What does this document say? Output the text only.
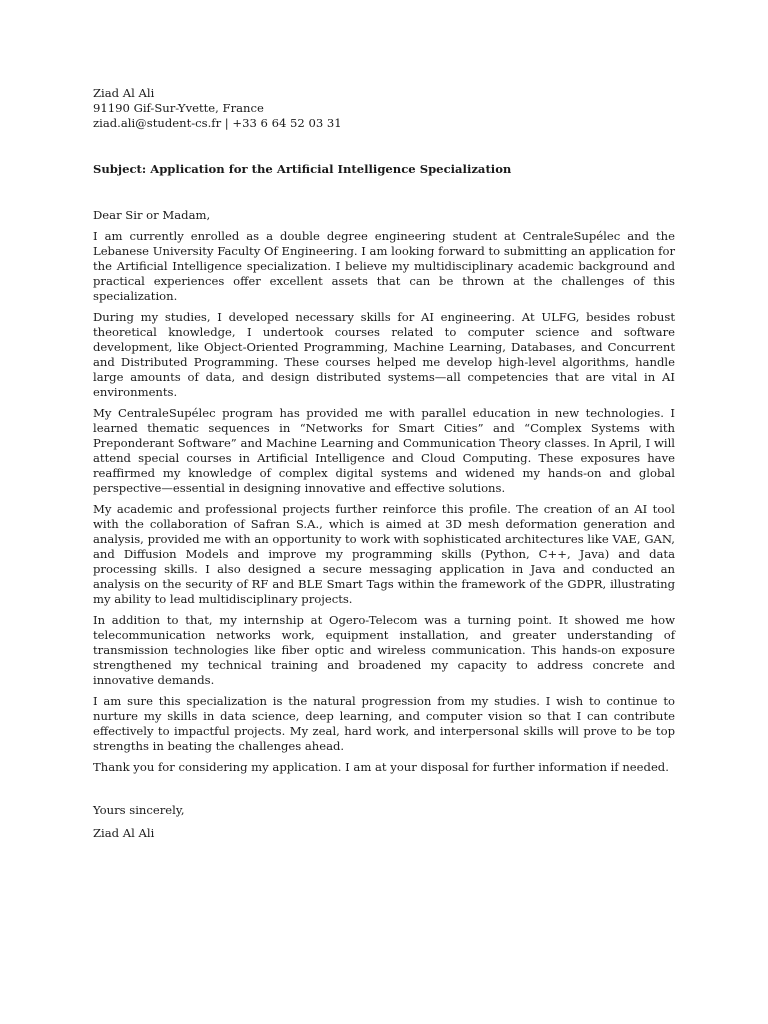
Ziad Al Ali
91190 Gif-Sur-Yvette, France
ziad.ali@student-cs.fr | +33 6 64 52 03 31
Subject: Application for the Artificial Intelligence Specialization
Dear Sir or Madam,

I am currently enrolled as a double degree engineering student at CentraleSupélec and the Lebanese University Faculty Of Engineering. I am looking forward to submitting an application for the Artificial Intelligence specialization. I believe my multidisciplinary academic background and practical experiences offer excellent assets that can be thrown at the challenges of this specialization.

During my studies, I developed necessary skills for AI engineering. At ULFG, besides robust theoretical knowledge, I undertook courses related to computer science and software development, like Object-Oriented Programming, Machine Learning, Databases, and Concurrent and Distributed Programming. These courses helped me develop high-level algorithms, handle large amounts of data, and design distributed systems—all competencies that are vital in AI environments.

My CentraleSupélec program has provided me with parallel education in new technologies. I learned thematic sequences in “Networks for Smart Cities” and “Complex Systems with Preponderant Software” and Machine Learning and Communication Theory classes. In April, I will attend special courses in Artificial Intelligence and Cloud Computing. These exposures have reaffirmed my knowledge of complex digital systems and widened my hands-on and global perspective—essential in designing innovative and effective solutions.

My academic and professional projects further reinforce this profile. The creation of an AI tool with the collaboration of Safran S.A., which is aimed at 3D mesh deformation generation and analysis, provided me with an opportunity to work with sophisticated architectures like VAE, GAN, and Diffusion Models and improve my programming skills (Python, C++, Java) and data processing skills. I also designed a secure messaging application in Java and conducted an analysis on the security of RF and BLE Smart Tags within the framework of the GDPR, illustrating my ability to lead multidisciplinary projects.

In addition to that, my internship at Ogero-Telecom was a turning point. It showed me how telecommunication networks work, equipment installation, and greater understanding of transmission technologies like fiber optic and wireless communication. This hands-on exposure strengthened my technical training and broadened my capacity to address concrete and innovative demands.

I am sure this specialization is the natural progression from my studies. I wish to continue to nurture my skills in data science, deep learning, and computer vision so that I can contribute effectively to impactful projects. My zeal, hard work, and interpersonal skills will prove to be top strengths in beating the challenges ahead.

Thank you for considering my application. I am at your disposal for further information if needed.

Yours sincerely,
Ziad Al Ali
